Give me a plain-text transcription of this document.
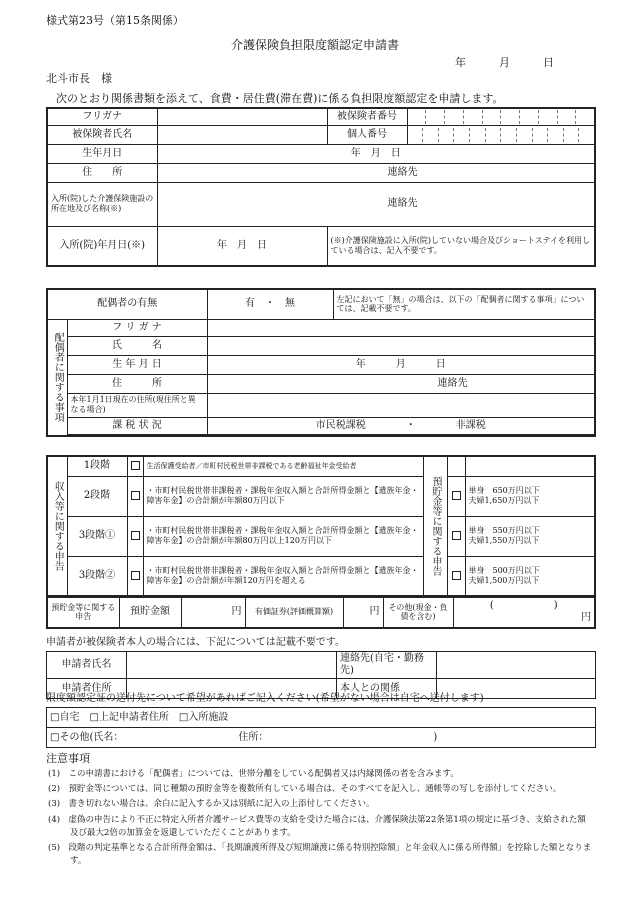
様式第23号（第15条関係）
介護保険負担限度額認定申請書
年　　　月　　　日
北斗市長　様
次のとおり関係書類を添えて、食費・居住費(滞在費)に係る負担限度額認定を申請します。
フリガナ		被保険者番号	

被保険者氏名		個人番号	

生年月日	年　月　日		
住　　所	連絡先		
入所(院)した介護保険施設の所在地及び名称(※)	連絡先		
入所(院)年月日(※)	年　月　日	(※)介護保険施設に入所(院)していない場合及びショートステイを利用している場合は、記入不要です。	
配偶者の有無		有　・　無	左記において「無」の場合は、以下の「配偶者に関する事項」については、記載不要です。
配偶者に関する事項	フ リ ガ ナ		
	氏　　　名		
	生 年 月 日	年　　　月　　　日	
	住　　　所	連絡先	
	本年1月1日現在の住所(現住所と異なる場合)		
	課 税 状 況	市民税課税　　　　・　　　　非課税	

収入等に関する申告	1段階		生活保護受給者／市町村民税世帯非課税である老齢福祉年金受給者	預貯金等に関する申告		
	2段階		・市町村民税世帯非課税者・課税年金収入額と合計所得金額と【遺族年金・障害年金】の合計額が年額80万円以下			単身　650万円以下
夫婦1,650万円以下

	3段階①		・市町村民税世帯非課税者・課税年金収入額と合計所得金額と【遺族年金・障害年金】の合計額が年額80万円以上120万円以下			単身　550万円以下
夫婦1,550万円以下

	3段階②		・市町村民税世帯非課税者・課税年金収入額と合計所得金額と【遺族年金・障害年金】の合計額が年額120万円を超える			単身　500万円以下
夫婦1,500万円以下
預貯金等に関する申告	預貯金額	円	有価証券(評価概算額)	円	その他(現金・負債を含む)	
(　　　　　　)
円
申請者が被保険者本人の場合には、下記については記載不要です。
申請者氏名		連絡先(自宅・勤務先)	
申請者住所		本人との関係	
限度額認定証の送付先について希望があればご記入ください(希望がない場合は自宅へ送付します)
□自宅　□上記申請者住所　□入所施設
□その他(氏名：　　　　　　　　　　　　住所：　　　　　　　　　　　　　　　　　)
注意事項

(1)　この申請書における「配偶者」については、世帯分離をしている配偶者又は内縁関係の者を含みます。

(2)　預貯金等については、同じ種類の預貯金等を複数所有している場合は、そのすべてを記入し、通帳等の写しを添付してください。

(3)　書き切れない場合は、余白に記入するか又は別紙に記入の上添付してください。

(4)　虚偽の申告により不正に特定入所者介護サービス費等の支給を受けた場合には、介護保険法第22条第1項の規定に基づき、支給された額及び最大2倍の加算金を返還していただくことがあります。

(5)　段階の判定基準となる合計所得金額は、「長期譲渡所得及び短期譲渡に係る特別控除額」と年金収入に係る所得額」を控除した額となります。
